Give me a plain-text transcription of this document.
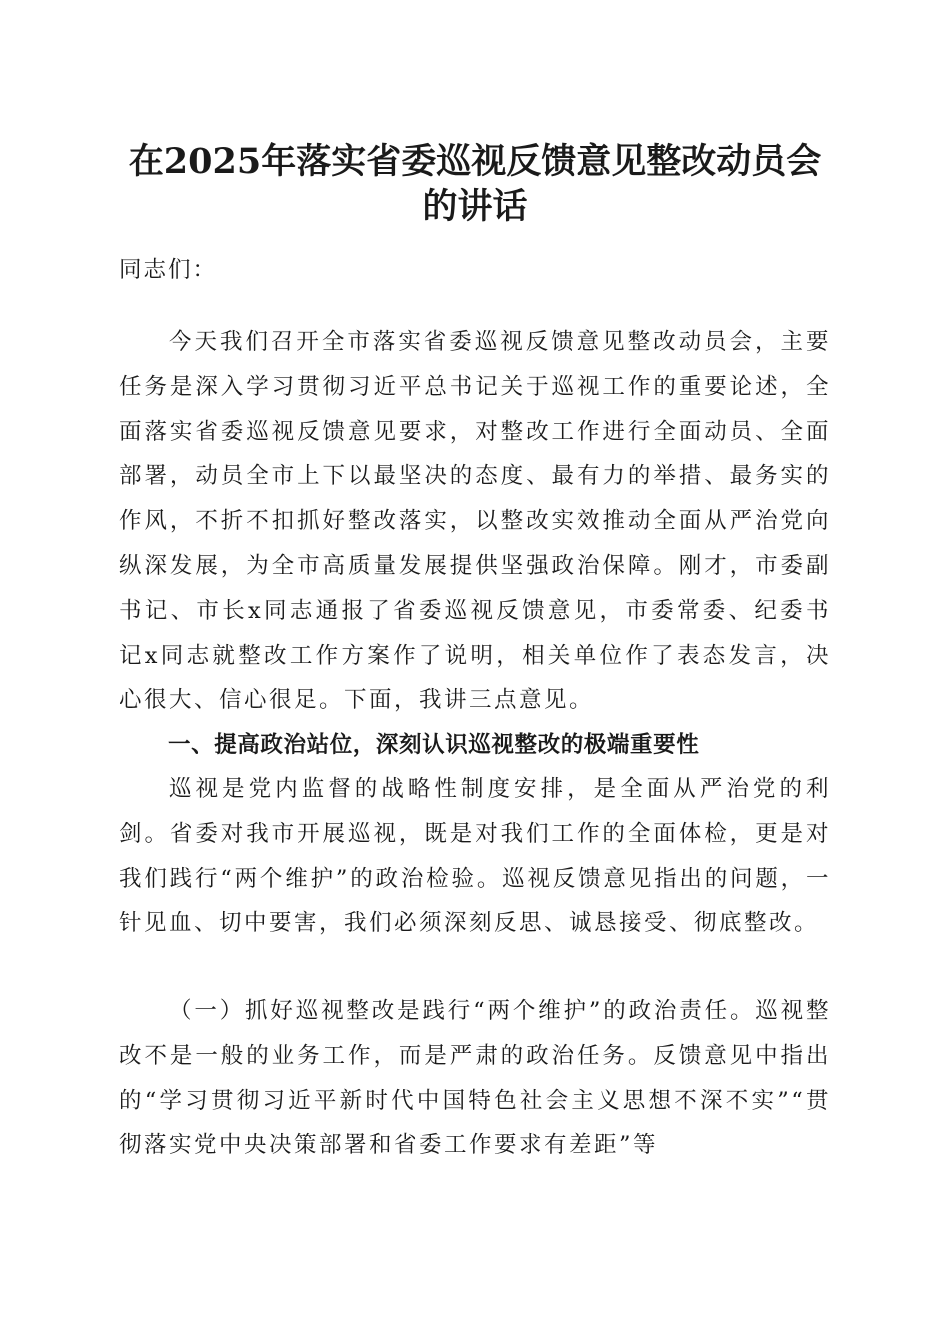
在2025年落实省委巡视反馈意见整改动员会
的讲话

同志们：

今天我们召开全市落实省委巡视反馈意见整改动员会，主要任务是深入学习贯彻习近平总书记关于巡视工作的重要论述，全面落实省委巡视反馈意见要求，对整改工作进行全面动员、全面部署，动员全市上下以最坚决的态度、最有力的举措、最务实的作风，不折不扣抓好整改落实，以整改实效推动全面从严治党向纵深发展，为全市高质量发展提供坚强政治保障。刚才，市委副书记、市长x同志通报了省委巡视反馈意见，市委常委、纪委书记x同志就整改工作方案作了说明，相关单位作了表态发言，决心很大、信心很足。下面，我讲三点意见。

一、提高政治站位，深刻认识巡视整改的极端重要性

巡视是党内监督的战略性制度安排，是全面从严治党的利剑。省委对我市开展巡视，既是对我们工作的全面体检，更是对我们践行“两个维护”的政治检验。巡视反馈意见指出的问题，一针见血、切中要害，我们必须深刻反思、诚恳接受、彻底整改。

（一）抓好巡视整改是践行“两个维护”的政治责任。巡视整改不是一般的业务工作，而是严肃的政治任务。反馈意见中指出的“学习贯彻习近平新时代中国特色社会主义思想不深不实”“贯彻落实党中央决策部署和省委工作要求有差距”等
